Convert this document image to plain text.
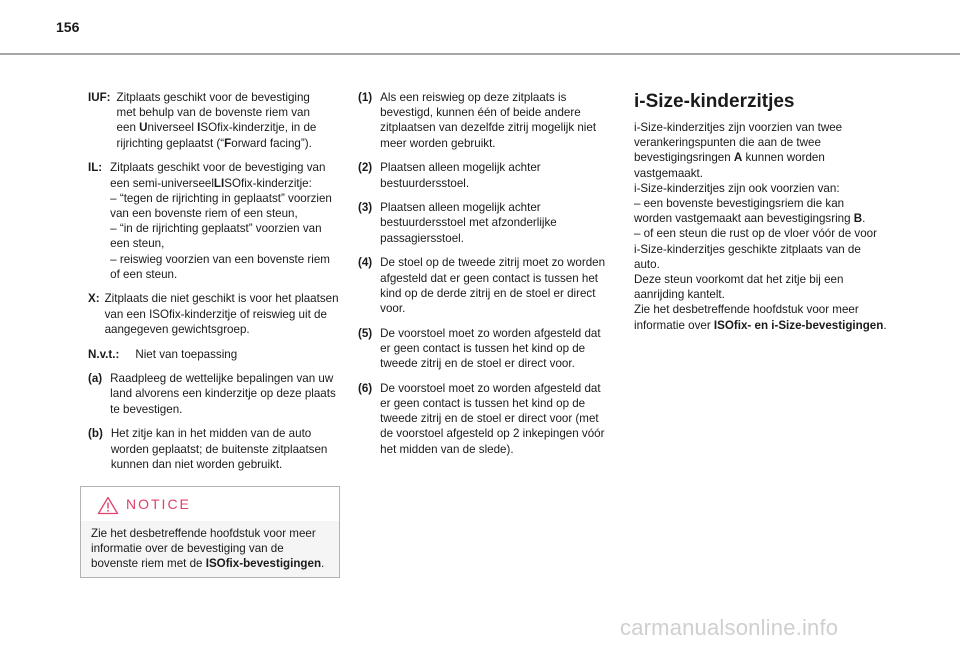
156
IUF: Zitplaats geschikt voor de bevestiging
met behulp van de bovenste riem van
een Universeel ISOfix-kinderzitje, in de
rijrichting geplaatst (“Forward facing”).
IL: Zitplaats geschikt voor de bevestiging van
een semi-universeelLISOfix-kinderzitje:
– “tegen de rijrichting in geplaatst” voorzien
van een bovenste riem of een steun,
– “in de rijrichting geplaatst” voorzien van
een steun,
– reiswieg voorzien van een bovenste riem
of een steun.
X: Zitplaats die niet geschikt is voor het plaatsen
van een ISOfix-kinderzitje of reiswieg uit de
aangegeven gewichtsgroep.
N.v.t.: Niet van toepassing
(a) Raadpleeg de wettelijke bepalingen van uw
land alvorens een kinderzitje op deze plaats
te bevestigen.
(b) Het zitje kan in het midden van de auto
worden geplaatst; de buitenste zitplaatsen
kunnen dan niet worden gebruikt.
NOTICE
Zie het desbetreffende hoofdstuk voor meer
informatie over de bevestiging van de
bovenste riem met de ISOfix-bevestigingen.
(1) Als een reiswieg op deze zitplaats is
bevestigd, kunnen één of beide andere
zitplaatsen van dezelfde zitrij mogelijk niet
meer worden gebruikt.
(2) Plaatsen alleen mogelijk achter
bestuurdersstoel.
(3) Plaatsen alleen mogelijk achter
bestuurdersstoel met afzonderlijke
passagiersstoel.
(4) De stoel op de tweede zitrij moet zo worden
afgesteld dat er geen contact is tussen het
kind op de derde zitrij en de stoel er direct
voor.
(5) De voorstoel moet zo worden afgesteld dat
er geen contact is tussen het kind op de
tweede zitrij en de stoel er direct voor.
(6) De voorstoel moet zo worden afgesteld dat
er geen contact is tussen het kind op de
tweede zitrij en de stoel er direct voor (met
de voorstoel afgesteld op 2 inkepingen vóór
het midden van de slede).
i-Size-kinderzitjes
i-Size-kinderzitjes zijn voorzien van twee
verankeringspunten die aan de twee
bevestigingsringen A kunnen worden
vastgemaakt.
i-Size-kinderzitjes zijn ook voorzien van:
– een bovenste bevestigingsriem die kan
worden vastgemaakt aan bevestigingsring B.
– of een steun die rust op de vloer vóór de voor
i-Size-kinderzitjes geschikte zitplaats van de
auto.
Deze steun voorkomt dat het zitje bij een
aanrijding kantelt.
Zie het desbetreffende hoofdstuk voor meer
informatie over ISOfix- en i-Size-bevestigingen.
carmanualsonline.info
